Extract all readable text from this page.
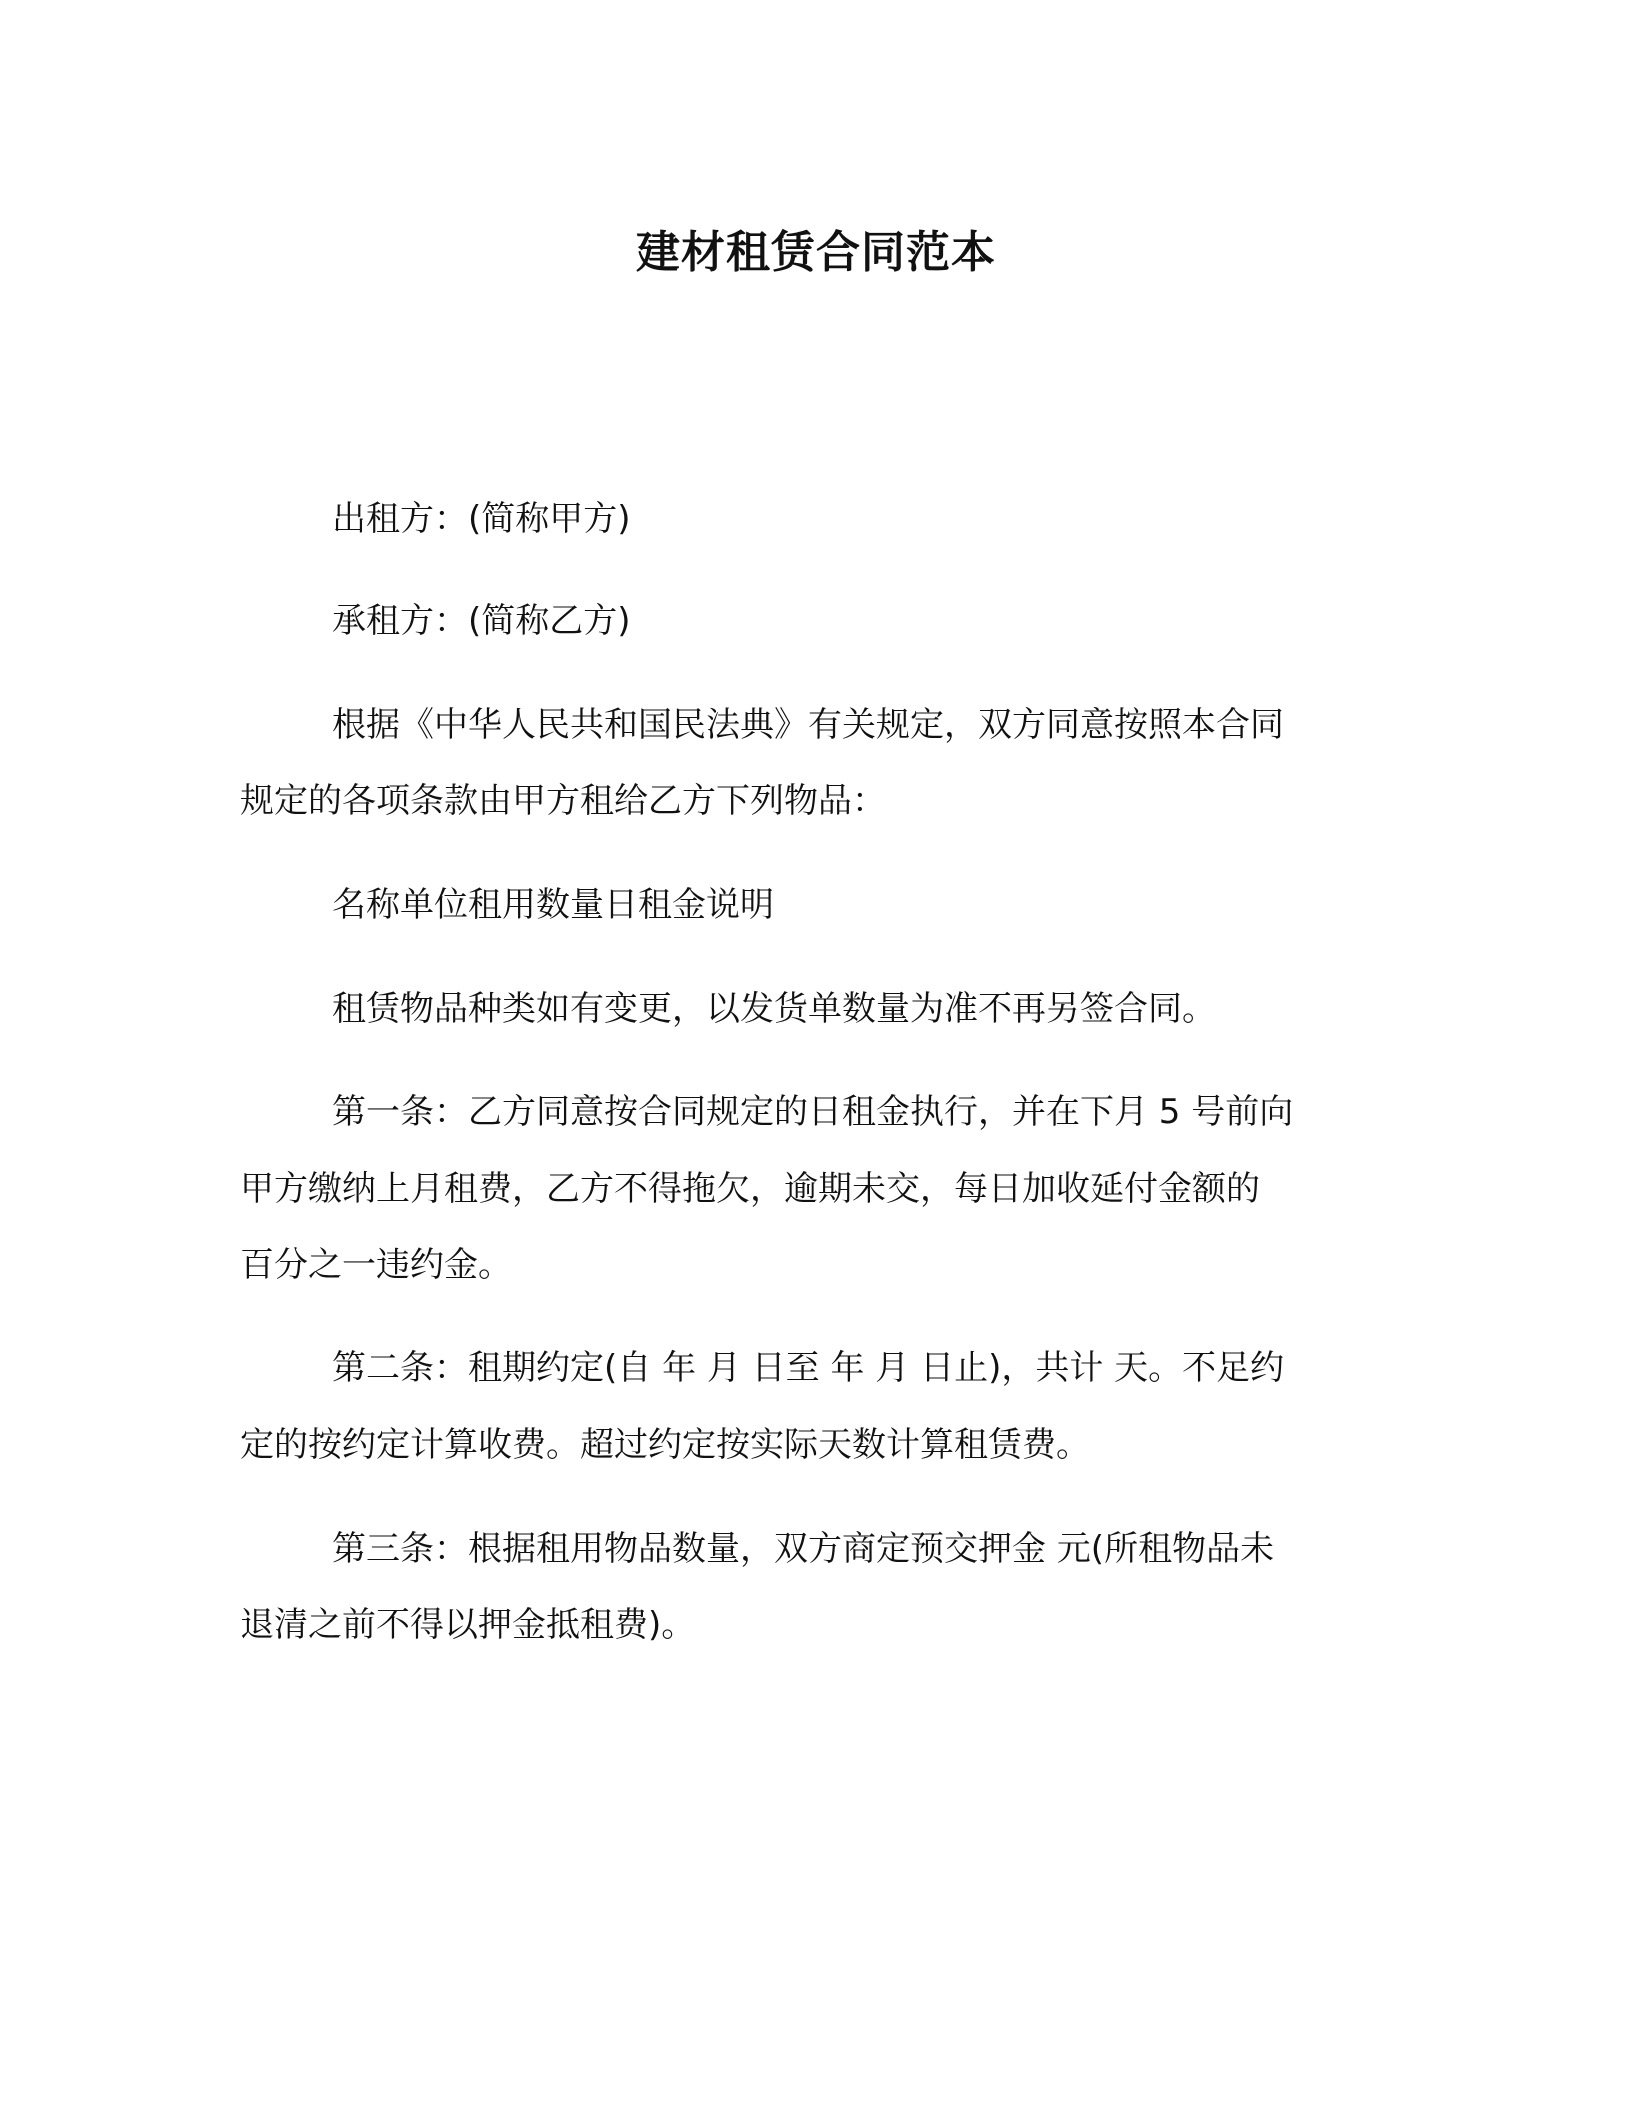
建材租赁合同范本

出租方：(简称甲方)

承租方：(简称乙方)

根据《中华人民共和国民法典》有关规定，双方同意按照本合同

规定的各项条款由甲方租给乙方下列物品：

名称单位租用数量日租金说明

租赁物品种类如有变更，以发货单数量为准不再另签合同。

第一条：乙方同意按合同规定的日租金执行，并在下月 5 号前向

甲方缴纳上月租费，乙方不得拖欠，逾期未交，每日加收延付金额的

百分之一违约金。

第二条：租期约定(自 年 月 日至 年 月 日止)，共计 天。不足约

定的按约定计算收费。超过约定按实际天数计算租赁费。

第三条：根据租用物品数量，双方商定预交押金 元(所租物品未

退清之前不得以押金抵租费)。
